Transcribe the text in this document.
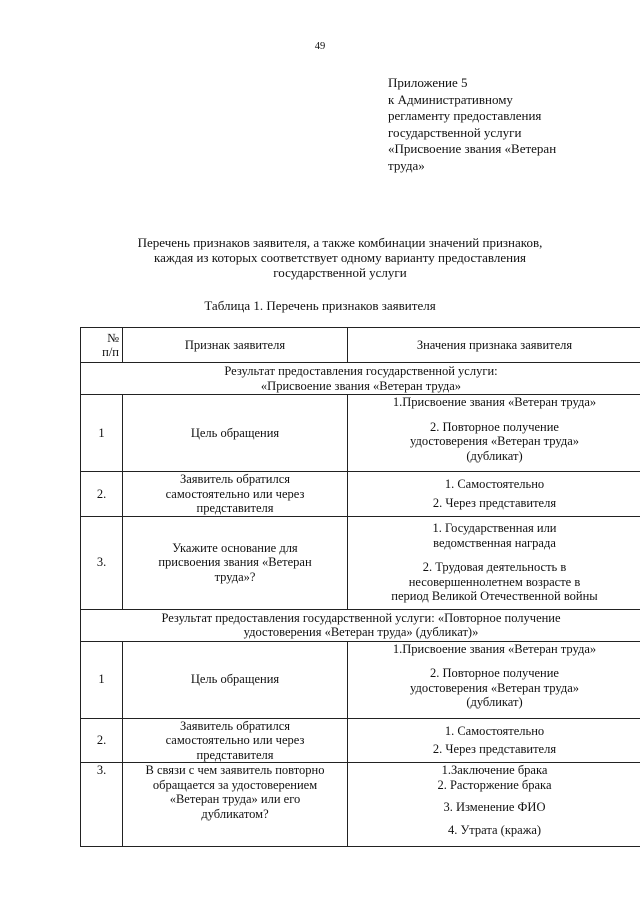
49
Приложение 5
к Административному
регламенту предоставления
государственной услуги
«Присвоение звания «Ветеран
труда»
Перечень признаков заявителя, а также комбинации значений признаков,
каждая из которых соответствует одному варианту предоставления
государственной услуги
Таблица 1. Перечень признаков заявителя
№
п/п	Признак заявителя	Значения признака заявителя

Результат предоставления государственной услуги:
«Присвоение звания «Ветеран труда»		

1	Цель обращения	1.Присвоение звания «Ветеран труда»
2. Повторное получение
удостоверения «Ветеран труда»
(дубликат)

2.	Заявитель обратился
самостоятельно или через
представителя	1. Самостоятельно
2. Через представителя

3.	Укажите основание для
присвоения звания «Ветеран
труда»?	1. Государственная или
ведомственная награда
2. Трудовая деятельность в
несовершеннолетнем возрасте в
период Великой Отечественной войны

Результат предоставления государственной услуги: «Повторное получение
удостоверения «Ветеран труда» (дубликат)»		

1	Цель обращения	1.Присвоение звания «Ветеран труда»
2. Повторное получение
удостоверения «Ветеран труда»
(дубликат)

2.	Заявитель обратился
самостоятельно или через
представителя	1. Самостоятельно
2. Через представителя

3.	В связи с чем заявитель повторно
обращается за удостоверением
«Ветеран труда» или его
дубликатом?	1.Заключение брака
2. Расторжение брака
3. Изменение ФИО
4. Утрата (кража)
